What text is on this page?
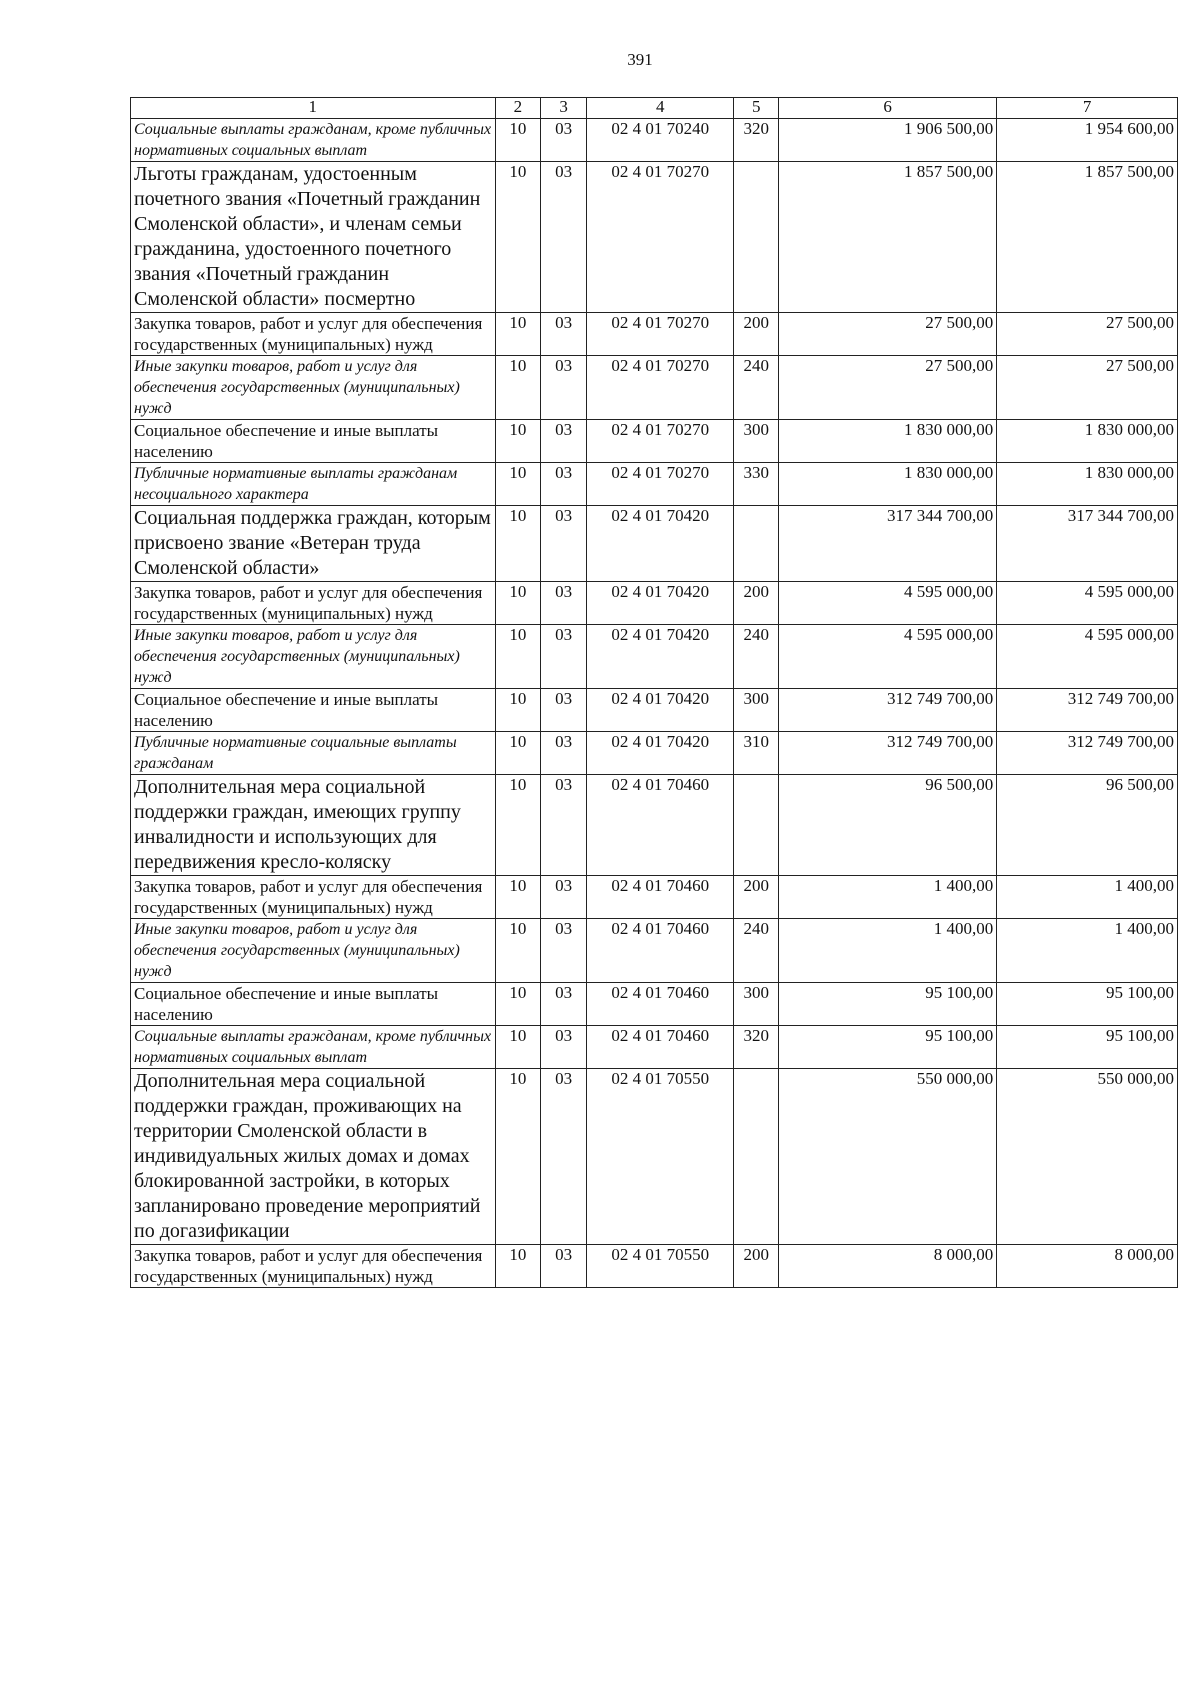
391
1	2	3	4	5	6	7
Социальные выплаты гражданам, кроме публичных нормативных социальных выплат	10	03	02 4 01 70240	320	1 906 500,00	1 954 600,00
Льготы гражданам, удостоенным почетного звания «Почетный гражданин Смоленской области», и членам семьи гражданина, удостоенного почетного звания «Почетный гражданин Смоленской области» посмертно	10	03	02 4 01 70270		1 857 500,00	1 857 500,00
Закупка товаров, работ и услуг для обеспечения государственных (муниципальных) нужд	10	03	02 4 01 70270	200	27 500,00	27 500,00
Иные закупки товаров, работ и услуг для обеспечения государственных (муниципальных) нужд	10	03	02 4 01 70270	240	27 500,00	27 500,00
Социальное обеспечение и иные выплаты населению	10	03	02 4 01 70270	300	1 830 000,00	1 830 000,00
Публичные нормативные выплаты гражданам несоциального характера	10	03	02 4 01 70270	330	1 830 000,00	1 830 000,00
Социальная поддержка граждан, которым присвоено звание «Ветеран труда Смоленской области»	10	03	02 4 01 70420		317 344 700,00	317 344 700,00
Закупка товаров, работ и услуг для обеспечения государственных (муниципальных) нужд	10	03	02 4 01 70420	200	4 595 000,00	4 595 000,00
Иные закупки товаров, работ и услуг для обеспечения государственных (муниципальных) нужд	10	03	02 4 01 70420	240	4 595 000,00	4 595 000,00
Социальное обеспечение и иные выплаты населению	10	03	02 4 01 70420	300	312 749 700,00	312 749 700,00
Публичные нормативные социальные выплаты гражданам	10	03	02 4 01 70420	310	312 749 700,00	312 749 700,00
Дополнительная мера социальной поддержки граждан, имеющих группу инвалидности и использующих для передвижения кресло-коляску	10	03	02 4 01 70460		96 500,00	96 500,00
Закупка товаров, работ и услуг для обеспечения государственных (муниципальных) нужд	10	03	02 4 01 70460	200	1 400,00	1 400,00
Иные закупки товаров, работ и услуг для обеспечения государственных (муниципальных) нужд	10	03	02 4 01 70460	240	1 400,00	1 400,00
Социальное обеспечение и иные выплаты населению	10	03	02 4 01 70460	300	95 100,00	95 100,00
Социальные выплаты гражданам, кроме публичных нормативных социальных выплат	10	03	02 4 01 70460	320	95 100,00	95 100,00
Дополнительная мера социальной поддержки граждан, проживающих на территории Смоленской области в индивидуальных жилых домах и домах блокированной застройки, в которых запланировано проведение мероприятий по догазификации	10	03	02 4 01 70550		550 000,00	550 000,00
Закупка товаров, работ и услуг для обеспечения государственных (муниципальных) нужд	10	03	02 4 01 70550	200	8 000,00	8 000,00
